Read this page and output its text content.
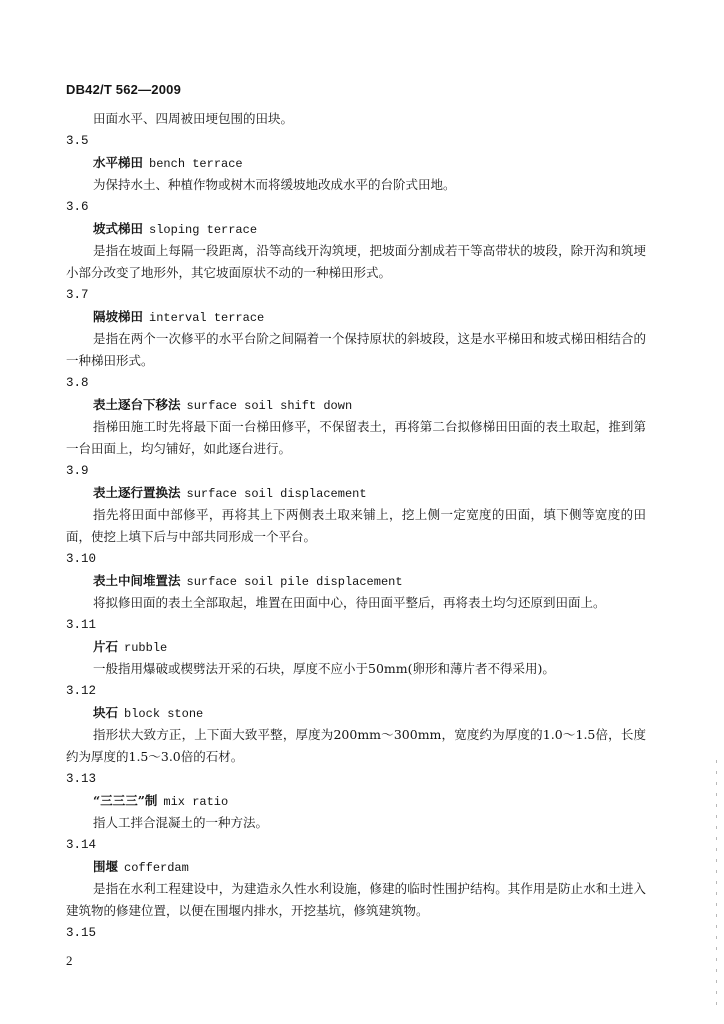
DB42/T 562—2009

田面水平、四周被田埂包围的田块。

3.5
水平梯田 bench terrace

为保持水土、种植作物或树木而将缓坡地改成水平的台阶式田地。

3.6
坡式梯田 sloping terrace

是指在坡面上每隔一段距离，沿等高线开沟筑埂，把坡面分割成若干等高带状的坡段，除开沟和筑埂小部分改变了地形外，其它坡面原状不动的一种梯田形式。

3.7
隔坡梯田 interval terrace

是指在两个一次修平的水平台阶之间隔着一个保持原状的斜坡段，这是水平梯田和坡式梯田相结合的一种梯田形式。

3.8
表土逐台下移法 surface soil shift down

指梯田施工时先将最下面一台梯田修平，不保留表土，再将第二台拟修梯田田面的表土取起，推到第一台田面上，均匀铺好，如此逐台进行。

3.9
表土逐行置换法 surface soil displacement

指先将田面中部修平，再将其上下两侧表土取来铺上，挖上侧一定宽度的田面，填下侧等宽度的田面，使挖上填下后与中部共同形成一个平台。

3.10
表土中间堆置法 surface soil pile displacement

将拟修田面的表土全部取起，堆置在田面中心，待田面平整后，再将表土均匀还原到田面上。

3.11
片石 rubble

一般指用爆破或楔劈法开采的石块，厚度不应小于50mm(卵形和薄片者不得采用)。

3.12
块石 block stone

指形状大致方正，上下面大致平整，厚度为200mm～300mm，宽度约为厚度的1.0～1.5倍，长度约为厚度的1.5～3.0倍的石材。

3.13
“三三三”制 mix ratio

指人工拌合混凝土的一种方法。

3.14
围堰 cofferdam

是指在水利工程建设中，为建造永久性水利设施，修建的临时性围护结构。其作用是防止水和土进入建筑物的修建位置，以便在围堰内排水，开挖基坑，修筑建筑物。

3.15
2
